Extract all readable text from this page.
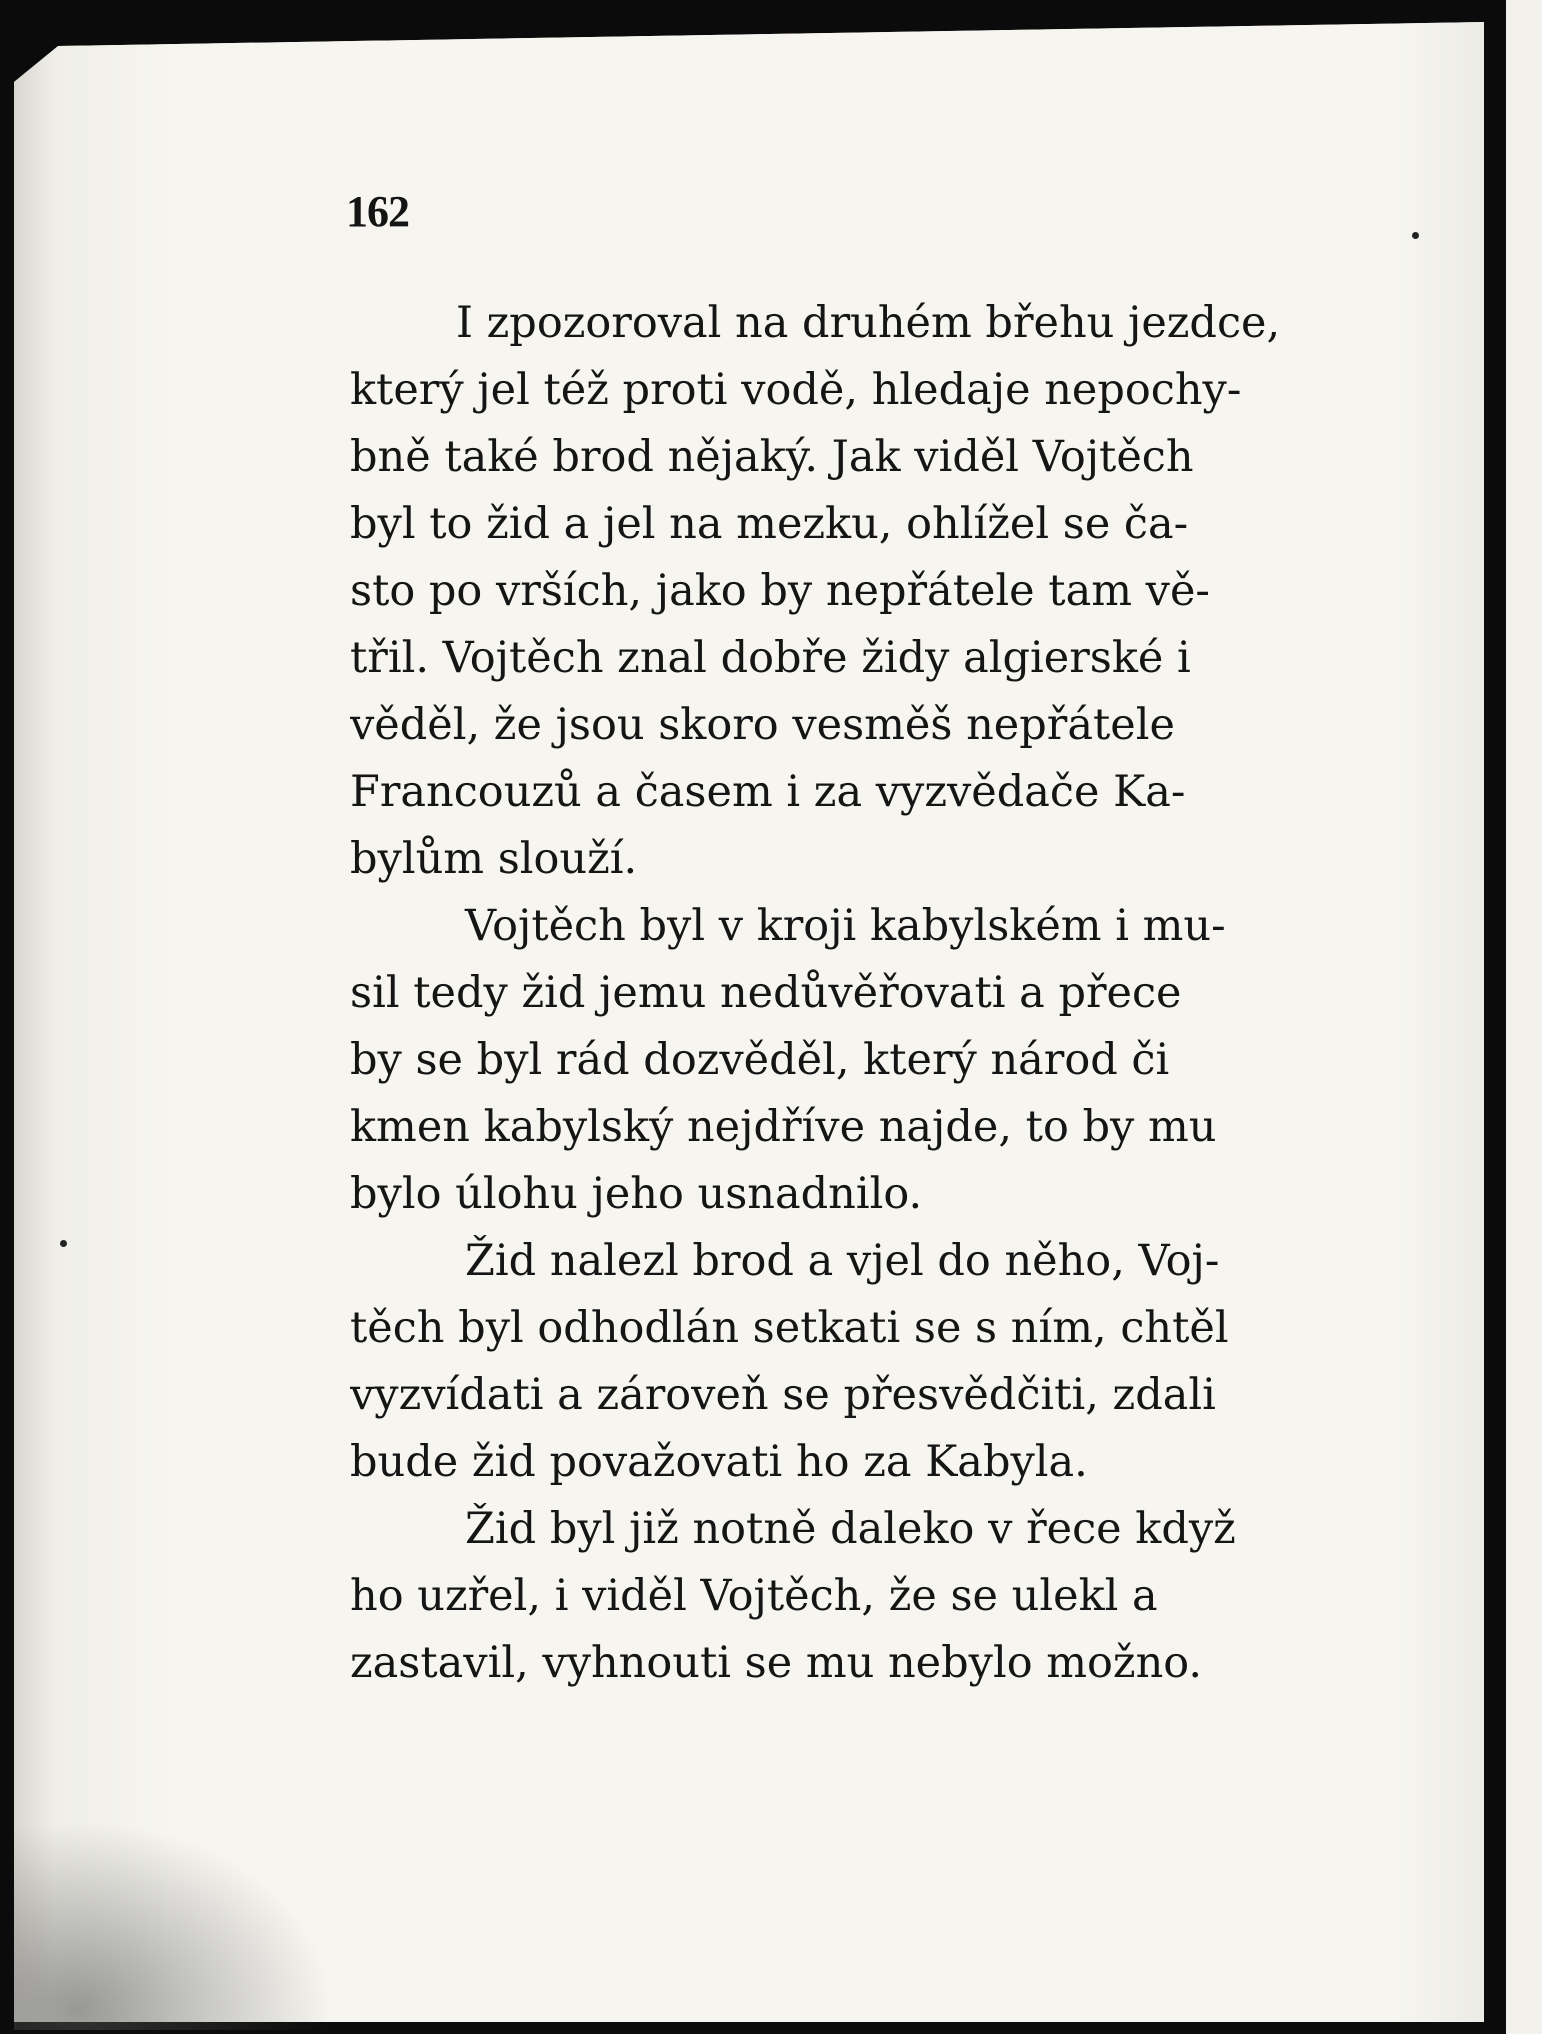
162
I zpozoroval na druhém břehu jezdce,
který jel též proti vodě, hledaje nepochy-
bně také brod nějaký. Jak viděl Vojtěch
byl to žid a jel na mezku, ohlížel se ča-
sto po vrších, jako by nepřátele tam vě-
třil. Vojtěch znal dobře židy algierské i
věděl, že jsou skoro vesměš nepřátele
Francouzů a časem i za vyzvědače Ka-
bylům slouží.
Vojtěch byl v kroji kabylském i mu-
sil tedy žid jemu nedůvěřovati a přece
by se byl rád dozvěděl, který národ či
kmen kabylský nejdříve najde, to by mu
bylo úlohu jeho usnadnilo.
Žid nalezl brod a vjel do něho, Voj-
těch byl odhodlán setkati se s ním, chtěl
vyzvídati a zároveň se přesvědčiti, zdali
bude žid považovati ho za Kabyla.
Žid byl již notně daleko v řece když
ho uzřel, i viděl Vojtěch, že se ulekl a
zastavil, vyhnouti se mu nebylo možno.
